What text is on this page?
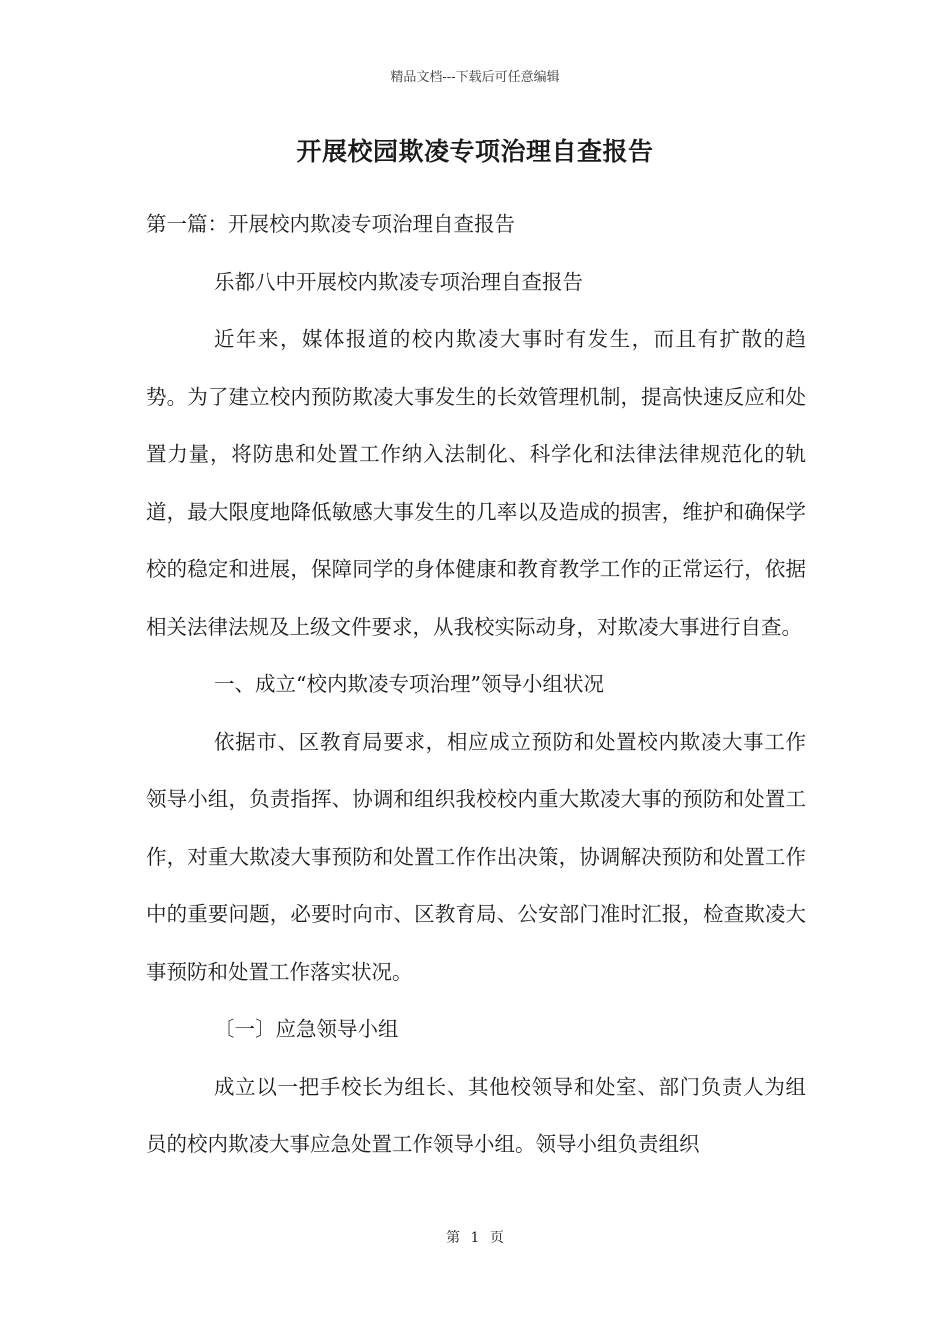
精品文档---下载后可任意编辑
开展校园欺凌专项治理自查报告

第一篇：开展校内欺凌专项治理自查报告

乐都八中开展校内欺凌专项治理自查报告

近年来，媒体报道的校内欺凌大事时有发生，而且有扩散的趋势。为了建立校内预防欺凌大事发生的长效管理机制，提高快速反应和处置力量，将防患和处置工作纳入法制化、科学化和法律法律规范化的轨道，最大限度地降低敏感大事发生的几率以及造成的损害，维护和确保学校的稳定和进展，保障同学的身体健康和教育教学工作的正常运行，依据相关法律法规及上级文件要求，从我校实际动身，对欺凌大事进行自查。

一、成立“校内欺凌专项治理”领导小组状况

依据市、区教育局要求，相应成立预防和处置校内欺凌大事工作领导小组，负责指挥、协调和组织我校校内重大欺凌大事的预防和处置工作，对重大欺凌大事预防和处置工作作出决策，协调解决预防和处置工作中的重要问题，必要时向市、区教育局、公安部门准时汇报，检查欺凌大事预防和处置工作落实状况。

〔一〕应急领导小组

成立以一把手校长为组长、其他校领导和处室、部门负责人为组员的校内欺凌大事应急处置工作领导小组。领导小组负责组织

第 1 页
